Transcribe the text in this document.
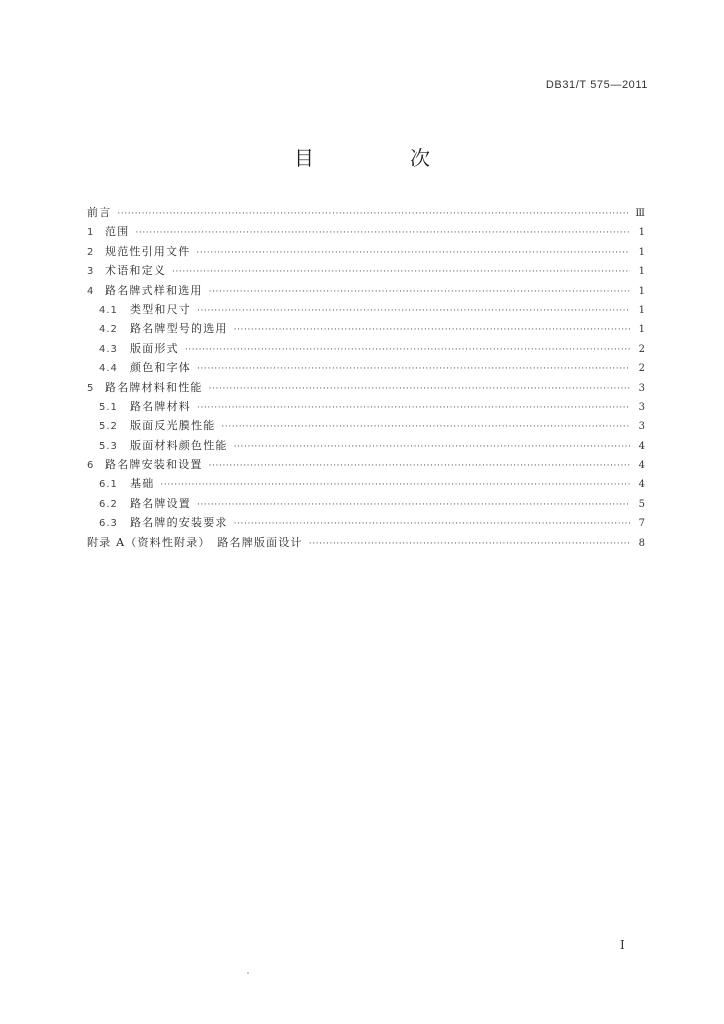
DB31/T 575—2011
目　次
前言 ·····	Ⅲ
1	范围 ·····	1
2	规范性引用文件 ·····	1
3	术语和定义 ·····	1
4	路名牌式样和选用 ·····	1
4.1	类型和尺寸 ·····	1
4.2	路名牌型号的选用 ·····	1
4.3	版面形式 ·····	2
4.4	颜色和字体 ·····	2
5	路名牌材料和性能 ·····	3
5.1	路名牌材料 ·····	3
5.2	版面反光膜性能 ·····	3
5.3	版面材料颜色性能 ·····	4
6	路名牌安装和设置 ·····	4
6.1	基础 ·····	4
6.2	路名牌设置 ·····	5
6.3	路名牌的安装要求 ·····	7
附录 A（资料性附录）　路名牌版面设计 ·····	8
Ⅰ
